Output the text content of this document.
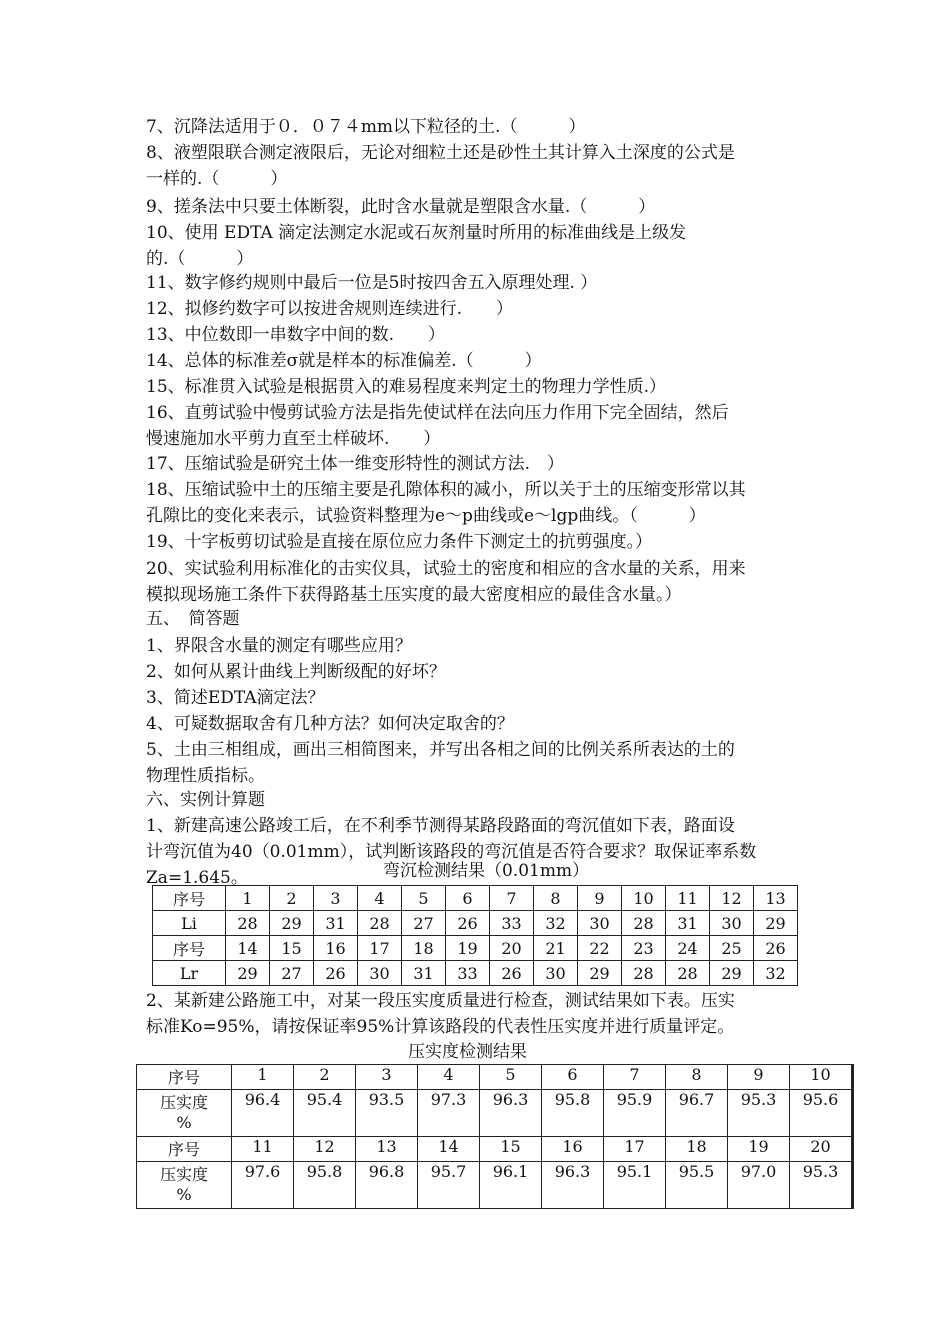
7、沉降法适用于０．０７４mm以下粒径的土.（　　　）
8、液塑限联合测定液限后，无论对细粒土还是砂性土其计算入土深度的公式是
一样的.（　　　）
9、搓条法中只要土体断裂，此时含水量就是塑限含水量.（　　　）
10、使用 EDTA 滴定法测定水泥或石灰剂量时所用的标准曲线是上级发
的.（　　　）
11、数字修约规则中最后一位是5时按四舍五入原理处理. ）
12、拟修约数字可以按进舍规则连续进行.　　）
13、中位数即一串数字中间的数.　　）
14、总体的标准差σ就是样本的标准偏差.（　　　）
15、标准贯入试验是根据贯入的难易程度来判定土的物理力学性质.）
16、直剪试验中慢剪试验方法是指先使试样在法向压力作用下完全固结，然后
慢速施加水平剪力直至土样破坏.　　）
17、压缩试验是研究土体一维变形特性的测试方法.　）
18、压缩试验中土的压缩主要是孔隙体积的减小，所以关于土的压缩变形常以其
孔隙比的变化来表示，试验资料整理为e～p曲线或e～lgp曲线。（　　　）
19、十字板剪切试验是直接在原位应力条件下测定土的抗剪强度。）
20、实试验利用标准化的击实仪具，试验土的密度和相应的含水量的关系，用来
模拟现场施工条件下获得路基土压实度的最大密度相应的最佳含水量。）
五、　简答题
1、界限含水量的测定有哪些应用？
2、如何从累计曲线上判断级配的好坏？
3、简述EDTA滴定法？
4、可疑数据取舍有几种方法？如何决定取舍的？
5、土由三相组成，画出三相简图来，并写出各相之间的比例关系所表达的土的
物理性质指标。
六、实例计算题
1、新建高速公路竣工后，在不利季节测得某路段路面的弯沉值如下表，路面设
计弯沉值为40（0.01mm），试判断该路段的弯沉值是否符合要求？取保证率系数
Za=1.645。	弯沉检测结果（0.01mm）
序号	1	2	3	4	5	6	7	8	9	10	11	12	13
Li	28	29	31	28	27	26	33	32	30	28	31	30	29
序号	14	15	16	17	18	19	20	21	22	23	24	25	26
Lr	29	27	26	30	31	33	26	30	29	28	28	29	32
2、某新建公路施工中，对某一段压实度质量进行检查，测试结果如下表。压实
标准Ko=95%，请按保证率95%计算该路段的代表性压实度并进行质量评定。
压实度检测结果
序号	1	2	3	4	5	6	7	8	9	10

压实度
%	96.4	95.4	93.5	97.3	96.3	95.8	95.9	96.7	95.3	95.6
序号	11	12	13	14	15	16	17	18	19	20

压实度
%	97.6	95.8	96.8	95.7	96.1	96.3	95.1	95.5	97.0	95.3
